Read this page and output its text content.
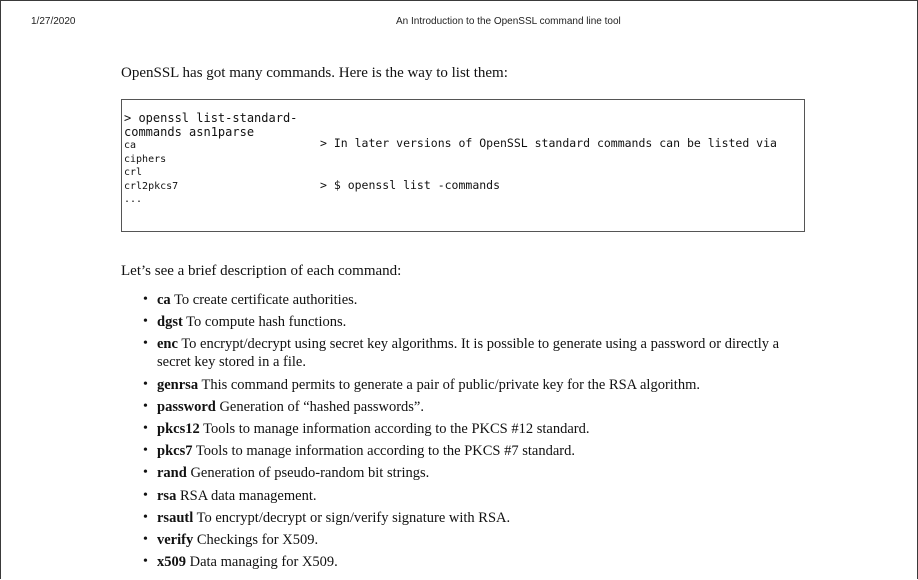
1/27/2020	An Introduction to the OpenSSL command line tool
OpenSSL has got many commands. Here is the way to list them:
> openssl list-standard-
commands asn1parse
ca
ciphers
crl
crl2pkcs7
...

> In later versions of OpenSSL standard commands can be listed via

> $ openssl list -commands

Let’s see a brief description of each command:
• ca To create certificate authorities.
• dgst To compute hash functions.
• enc To encrypt/decrypt using secret key algorithms. It is possible to generate using a password or directly a secret key stored in a file.
• genrsa This command permits to generate a pair of public/private key for the RSA algorithm.
• password Generation of “hashed passwords”.
• pkcs12 Tools to manage information according to the PKCS #12 standard.
• pkcs7 Tools to manage information according to the PKCS #7 standard.
• rand Generation of pseudo-random bit strings.
• rsa RSA data management.
• rsautl To encrypt/decrypt or sign/verify signature with RSA.
• verify Checkings for X509.
• x509 Data managing for X509.
